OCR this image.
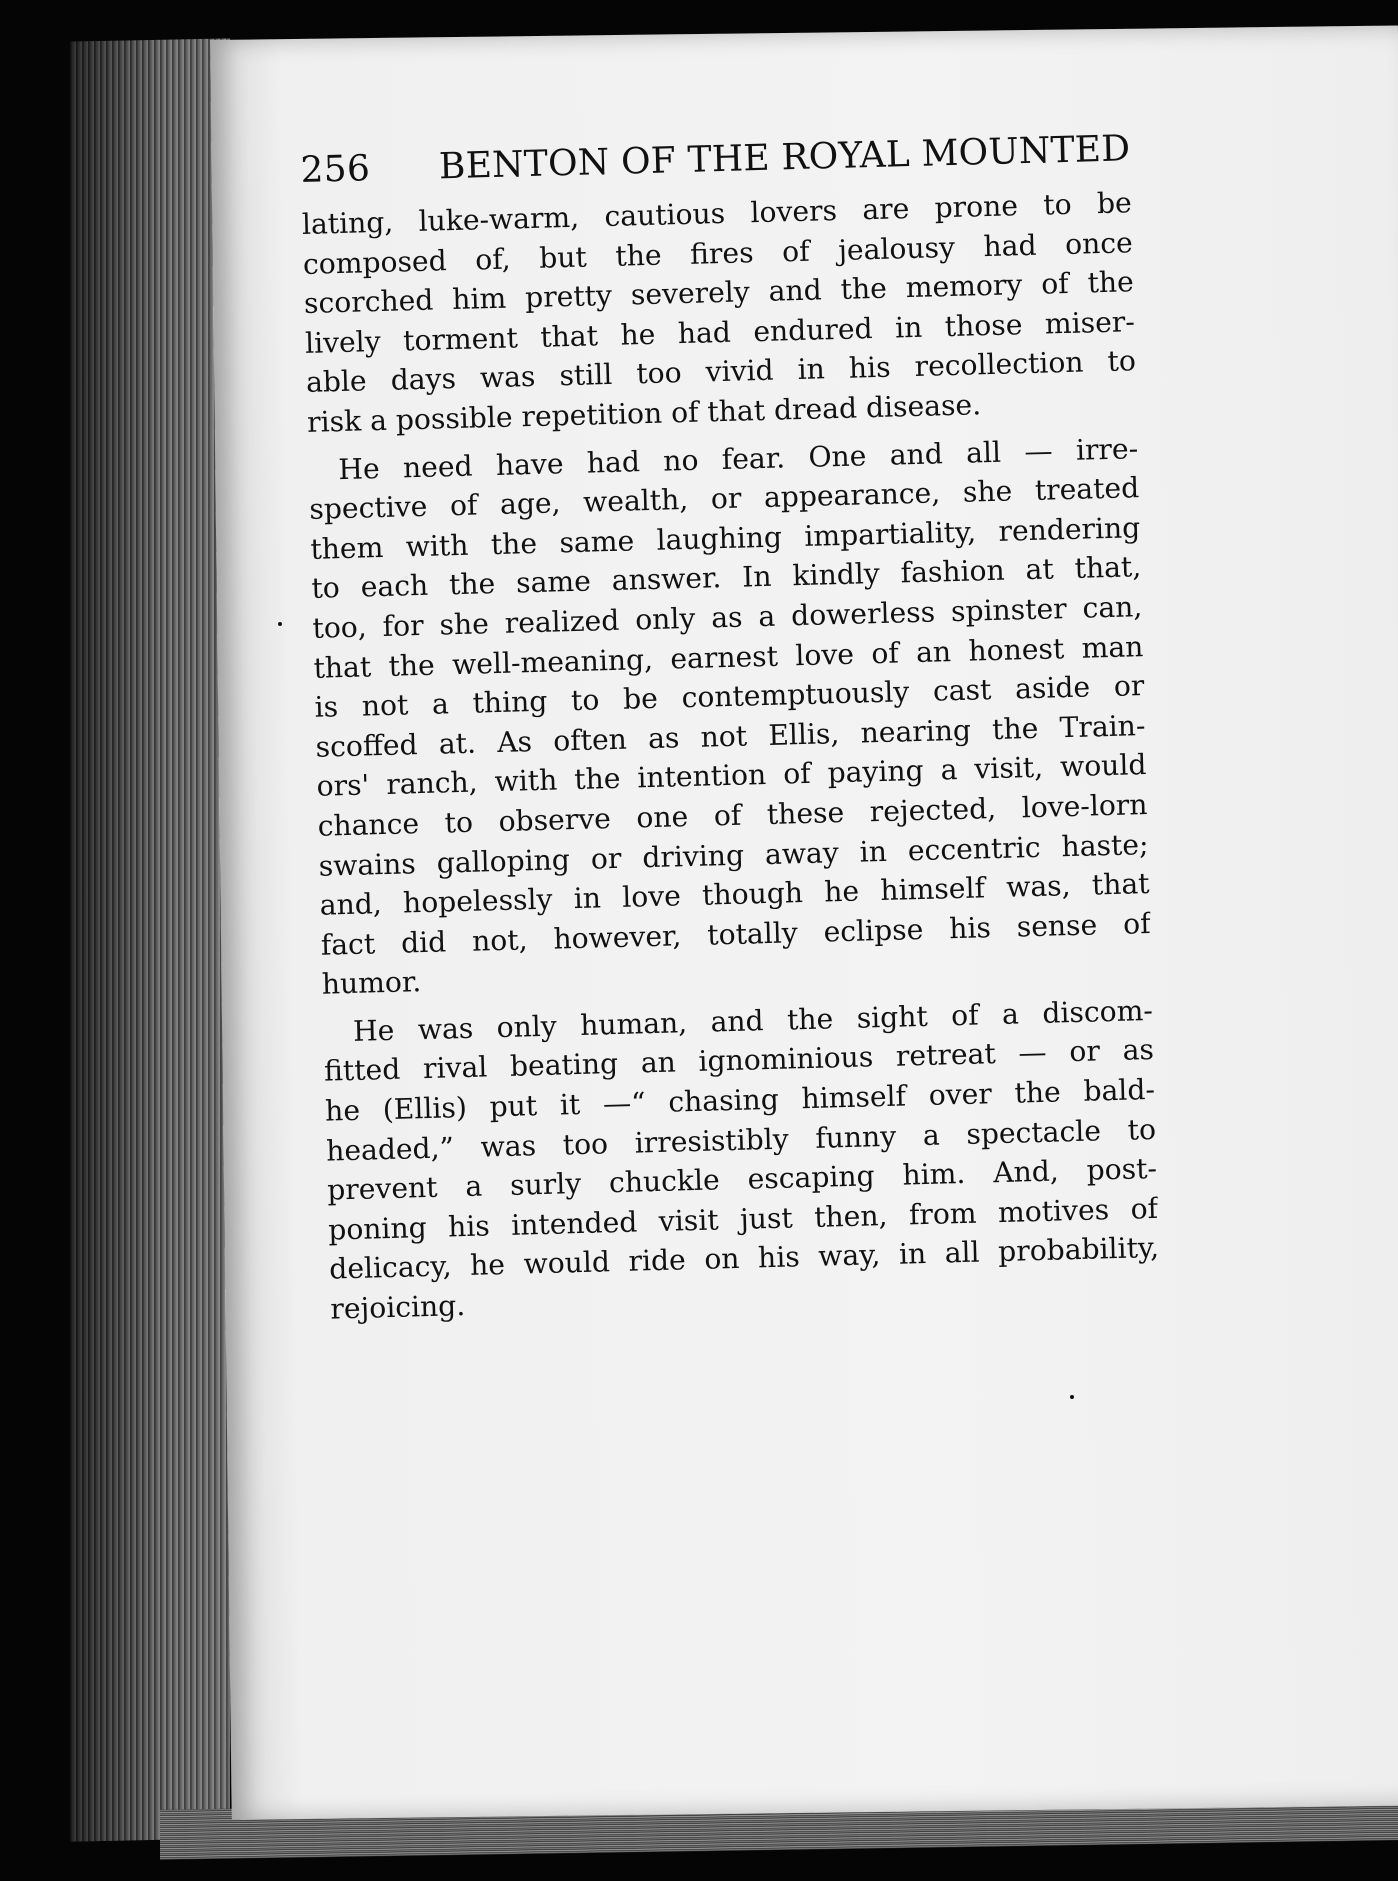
256 BENTON OF THE ROYAL MOUNTED
lating, luke-warm, cautious lovers are prone to be
composed of, but the fires of jealousy had once
scorched him pretty severely and the memory of the
lively torment that he had endured in those miser-
able days was still too vivid in his recollection to
risk a possible repetition of that dread disease.
He need have had no fear. One and all — irre-
spective of age, wealth, or appearance, she treated
them with the same laughing impartiality, rendering
to each the same answer. In kindly fashion at that,
too, for she realized only as a dowerless spinster can,
that the well-meaning, earnest love of an honest man
is not a thing to be contemptuously cast aside or
scoffed at. As often as not Ellis, nearing the Train-
ors' ranch, with the intention of paying a visit, would
chance to observe one of these rejected, love-lorn
swains galloping or driving away in eccentric haste;
and, hopelessly in love though he himself was, that
fact did not, however, totally eclipse his sense of
humor.
He was only human, and the sight of a discom-
fitted rival beating an ignominious retreat — or as
he (Ellis) put it —“ chasing himself over the bald-
headed,” was too irresistibly funny a spectacle to
prevent a surly chuckle escaping him. And, post-
poning his intended visit just then, from motives of
delicacy, he would ride on his way, in all probability,
rejoicing.
